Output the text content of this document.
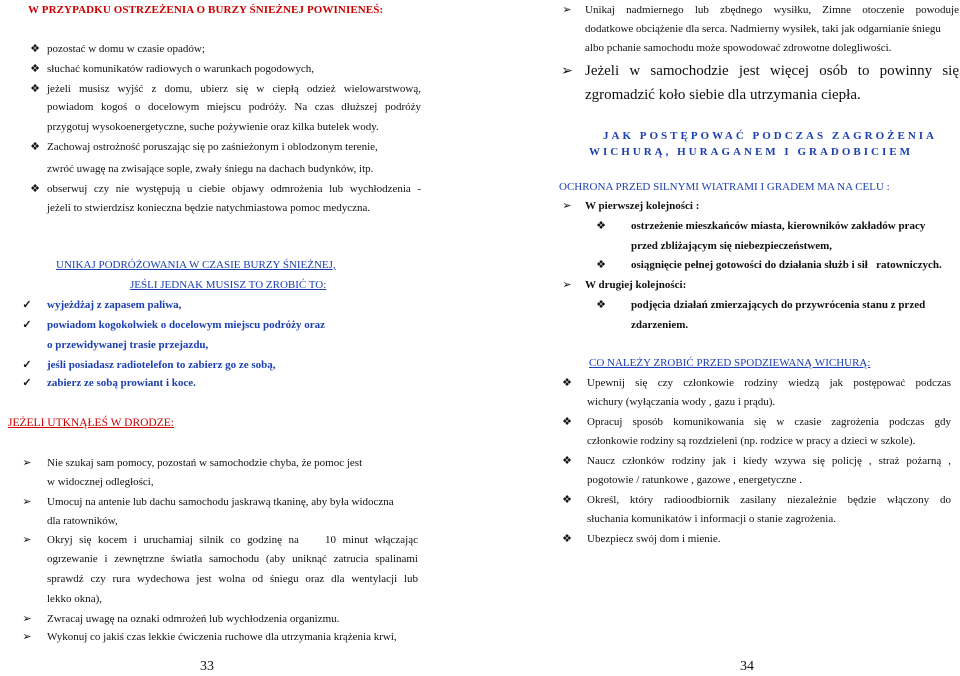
W PRZYPADKU OSTRZEŻENIA O BURZY ŚNIEŻNEJ POWINIENEŚ:
❖ pozostać w domu w czasie opadów;
❖ słuchać komunikatów radiowych o warunkach pogodowych,
❖ jeżeli musisz wyjść z domu, ubierz się w ciepłą odzież wielowarstwową,
powiadom kogoś o docelowym miejscu podróży. Na czas dłuższej podróży
przygotuj wysokoenergetyczne, suche pożywienie oraz kilka butelek wody.
❖ Zachowaj ostrożność poruszając się po zaśnieżonym i oblodzonym terenie,
zwróć uwagę na zwisające sople, zwały śniegu na dachach budynków, itp.
❖ obserwuj czy nie występują u ciebie objawy odmrożenia lub wychłodzenia -
jeżeli to stwierdzisz konieczna będzie natychmiastowa pomoc medyczna.
UNIKAJ PODRÓŻOWANIA W CZASIE BURZY ŚNIEŻNEJ,
JEŚLI JEDNAK MUSISZ TO ZROBIĆ TO:
✓ wyjeżdżaj z zapasem paliwa,
✓ powiadom kogokolwiek o docelowym miejscu podróży oraz
o przewidywanej trasie przejazdu,
✓ jeśli posiadasz radiotelefon to zabierz go ze sobą,
✓ zabierz ze sobą prowiant i koce.
JEŻELI UTKNĄŁEŚ W DRODZE:
➢ Nie szukaj sam pomocy, pozostań w samochodzie chyba, że pomoc jest
w widocznej odległości,
➢ Umocuj na antenie lub dachu samochodu jaskrawą tkaninę, aby była widoczna
dla ratowników,
➢ Okryj się kocem i uruchamiaj silnik co godzinę na    10 minut włączając
ogrzewanie i zewnętrzne światła samochodu (aby uniknąć zatrucia spalinami
sprawdź czy rura wydechowa jest wolna od śniegu oraz dla wentylacji lub
lekko okna),
➢ Zwracaj uwagę na oznaki odmrożeń lub wychłodzenia organizmu.
➢ Wykonuj co jakiś czas lekkie ćwiczenia ruchowe dla utrzymania krążenia krwi,
33
➢ Unikaj nadmiernego lub zbędnego wysiłku, Zimne otoczenie powoduje
dodatkowe obciążenie dla serca. Nadmierny wysiłek, taki jak odgarnianie śniegu
albo pchanie samochodu może spowodować zdrowotne dolegliwości.
➢ Jeżeli w samochodzie jest więcej osób to powinny się
zgromadzić koło siebie dla utrzymania ciepła.
JAK POSTĘPOWAĆ PODCZAS ZAGROŻENIA
WICHURĄ, HURAGANEM I GRADOBICIEM
OCHRONA PRZED SILNYMI WIATRAMI I GRADEM MA NA CELU :
➢ W pierwszej kolejności :
❖ ostrzeżenie mieszkańców miasta, kierowników zakładów pracy
przed zbliżającym się niebezpieczeństwem,
❖ osiągnięcie pełnej gotowości do działania służb i sił   ratowniczych.
➢ W drugiej kolejności:
❖ podjęcia działań zmierzających do przywrócenia stanu z przed
zdarzeniem.
CO NALEŻY ZROBIĆ PRZED SPODZIEWANĄ WICHURĄ:
❖ Upewnij się czy członkowie rodziny wiedzą jak postępować podczas
wichury (wyłączania wody , gazu i prądu).
❖ Opracuj sposób komunikowania się w czasie zagrożenia podczas gdy
członkowie rodziny są rozdzieleni (np. rodzice w pracy a dzieci w szkole).
❖ Naucz członków rodziny jak i kiedy wzywa się policję , straż pożarną ,
pogotowie / ratunkowe , gazowe , energetyczne .
❖ Określ, który radioodbiornik zasilany niezależnie będzie włączony do
słuchania komunikatów i informacji o stanie zagrożenia.
❖ Ubezpiecz swój dom i mienie.
34
